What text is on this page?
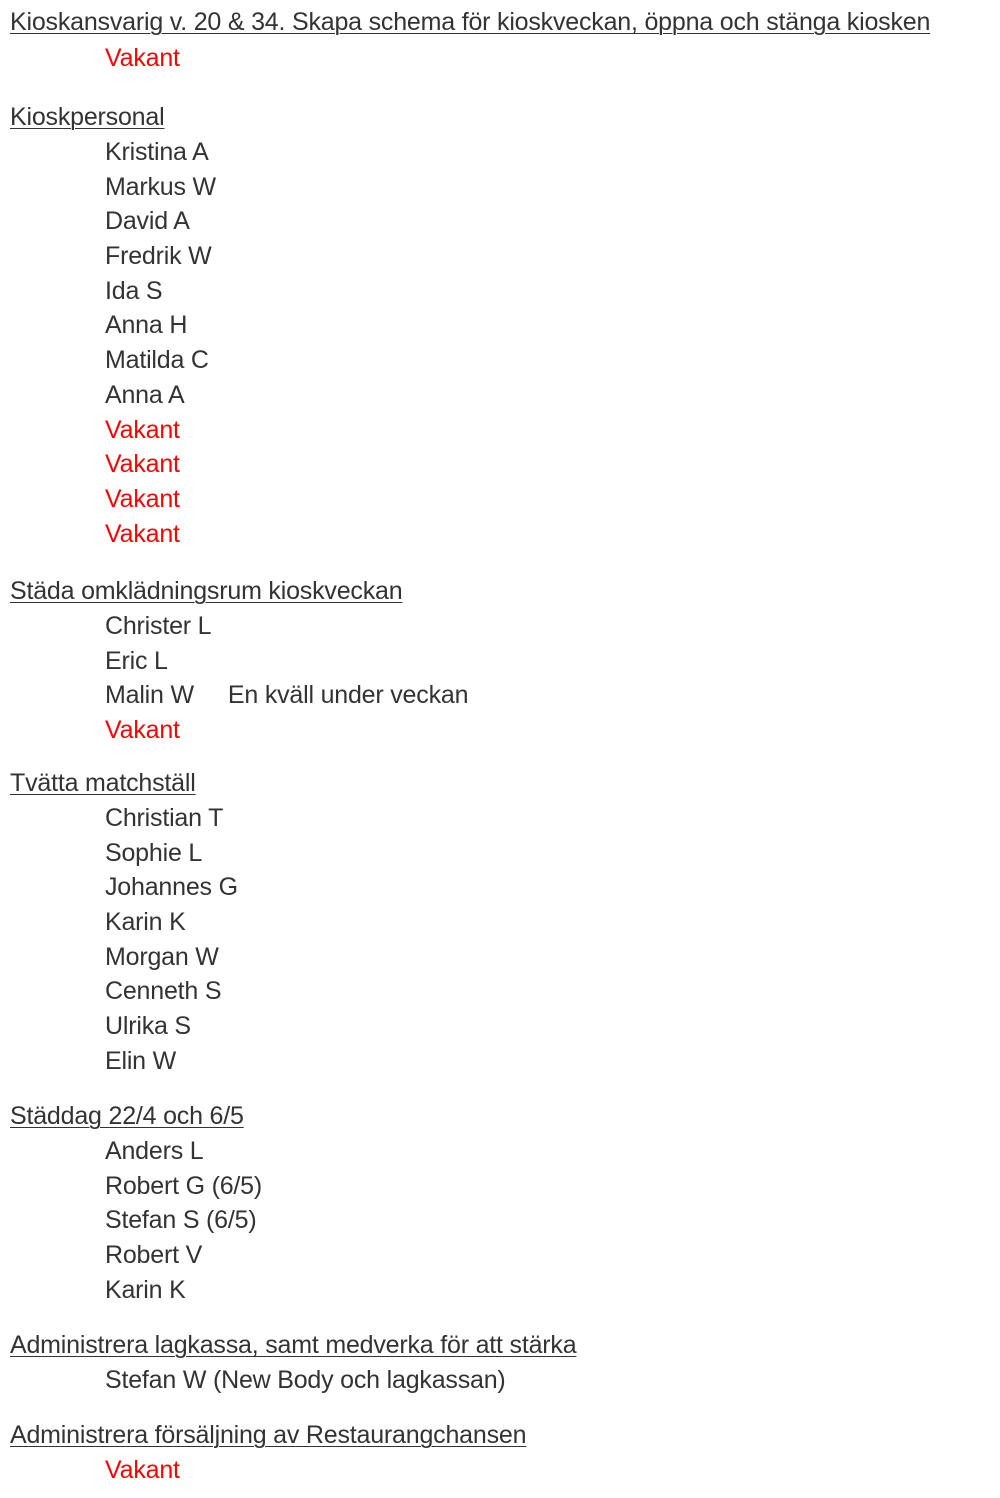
Kioskansvarig v. 20 & 34. Skapa schema för kioskveckan, öppna och stänga kiosken
Vakant
Kioskpersonal
Kristina A
Markus W
David A
Fredrik W
Ida S
Anna H
Matilda C
Anna A
Vakant
Vakant
Vakant
Vakant
Städa omklädningsrum kioskveckan
Christer L
Eric L
Malin W En kväll under veckan
Vakant
Tvätta matchställ
Christian T
Sophie L
Johannes G
Karin K
Morgan W
Cenneth S
Ulrika S
Elin W
Städdag 22/4 och 6/5
Anders L
Robert G (6/5)
Stefan S (6/5)
Robert V
Karin K
Administrera lagkassa, samt medverka för att stärka
Stefan W (New Body och lagkassan)
Administrera försäljning av Restaurangchansen
Vakant
